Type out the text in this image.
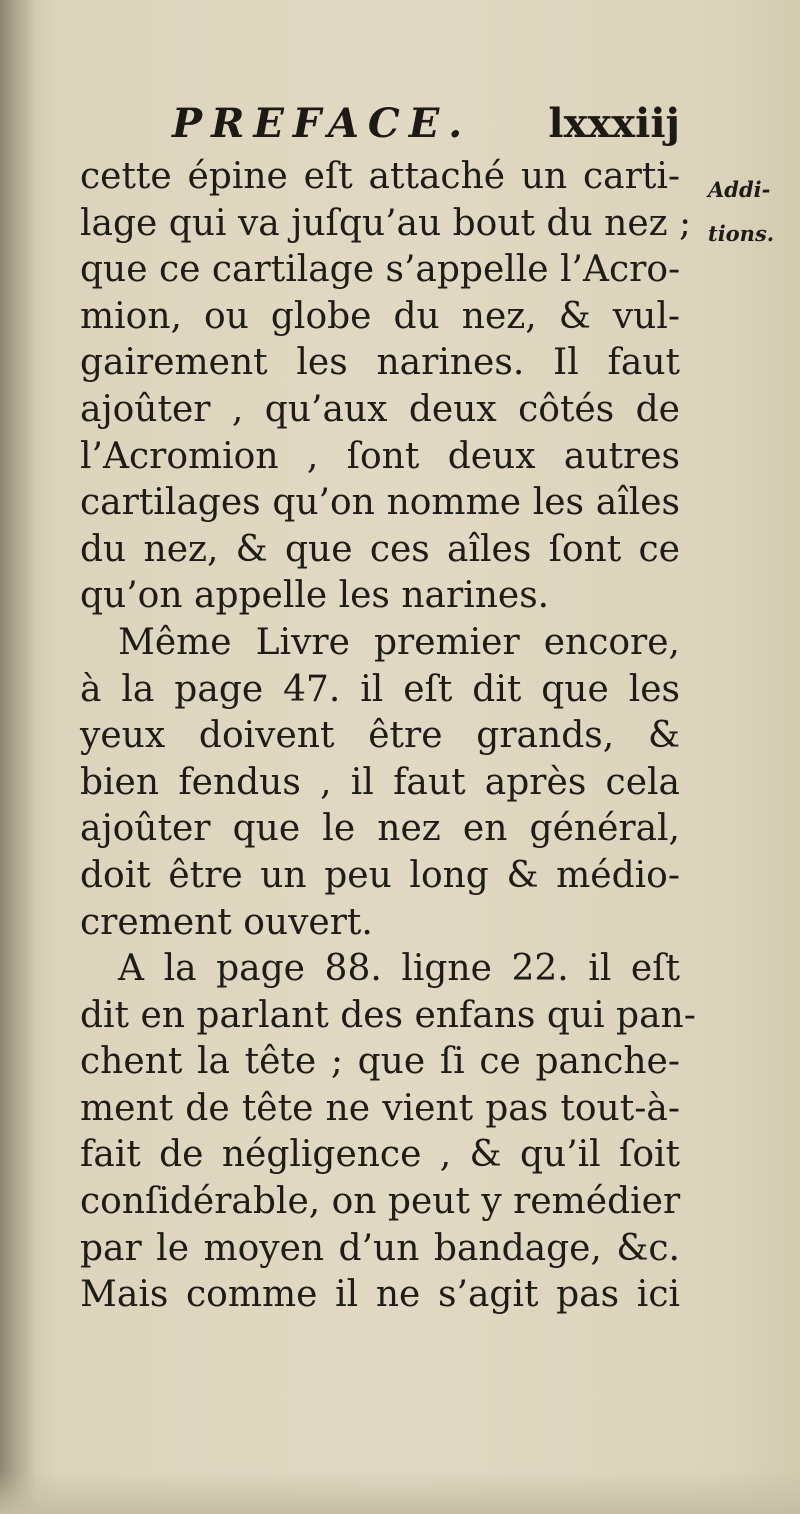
PREFACE. lxxxiij
Addi-
tions.
cette épine eſt attaché un carti-
lage qui va juſqu’au bout du nez ;
que ce cartilage s’appelle l’Acro-
mion, ou globe du nez, & vul-
gairement les narines. Il faut
ajoûter , qu’aux deux côtés de
l’Acromion , ſont deux autres
cartilages qu’on nomme les aîles
du nez, & que ces aîles ſont ce
qu’on appelle les narines.
Même Livre premier encore,
à la page 47. il eſt dit que les
yeux doivent être grands, &
bien fendus , il faut après cela
ajoûter que le nez en général,
doit être un peu long & médio-
crement ouvert.
A la page 88. ligne 22. il eſt
dit en parlant des enfans qui pan-
chent la tête ; que ſi ce panche-
ment de tête ne vient pas tout-à-
fait de négligence , & qu’il ſoit
conſidérable, on peut y remédier
par le moyen d’un bandage, &c.
Mais comme il ne s’agit pas ici
